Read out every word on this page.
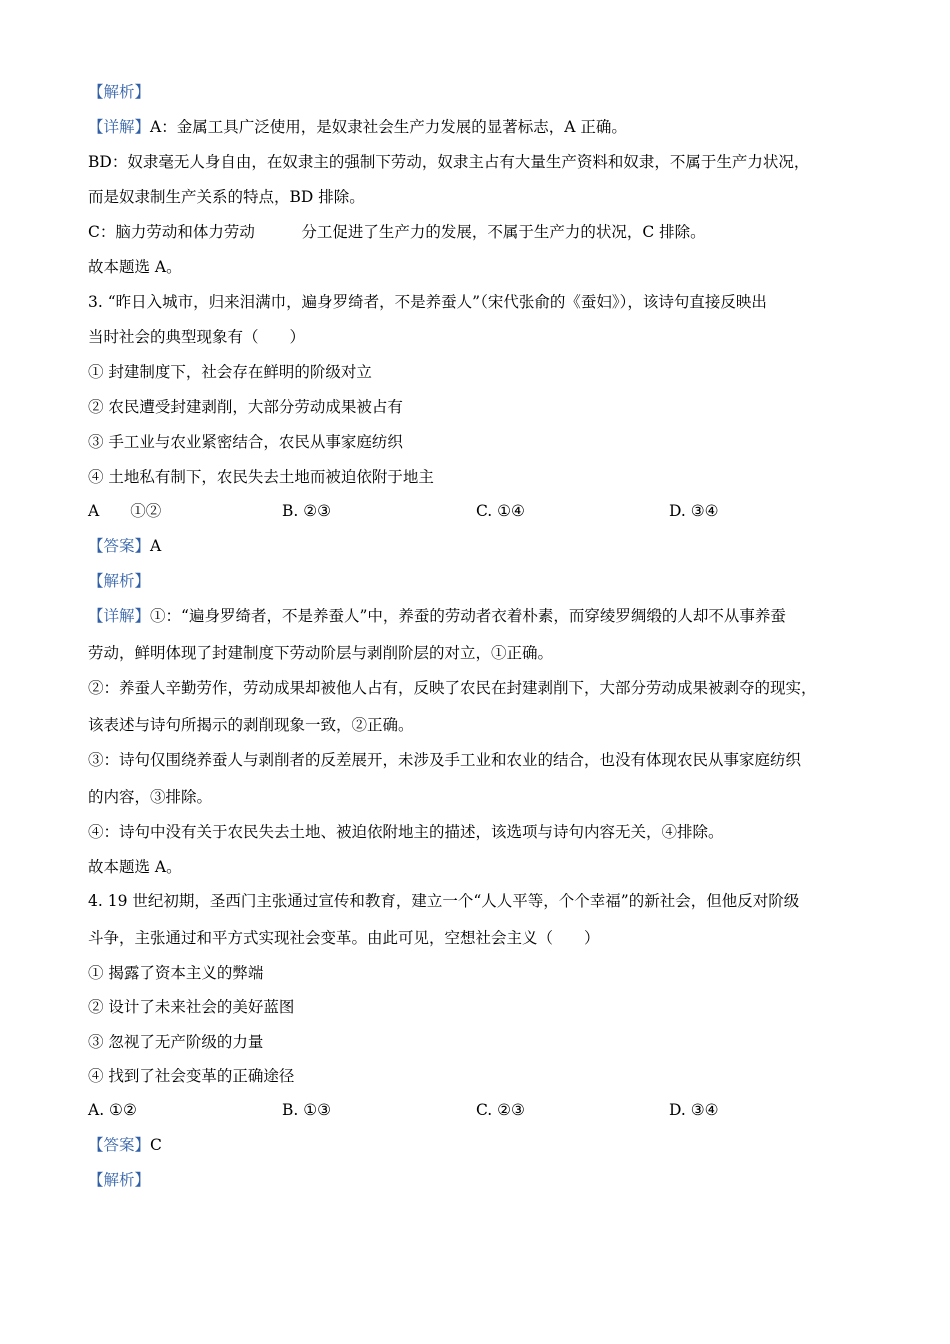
【解析】
【详解】A：金属工具广泛使用，是奴隶社会生产力发展的显著标志，A 正确。
BD：奴隶毫无人身自由，在奴隶主的强制下劳动，奴隶主占有大量生产资料和奴隶，不属于生产力状况，
而是奴隶制生产关系的特点，BD 排除。
C：脑力劳动和体力劳动　　　分工促进了生产力的发展，不属于生产力的状况，C 排除。
故本题选 A。
3. “昨日入城市，归来泪满巾，遍身罗绮者，不是养蚕人”（宋代张俞的《蚕妇》），该诗句直接反映出
当时社会的典型现象有（　　）
① 封建制度下，社会存在鲜明的阶级对立
② 农民遭受封建剥削，大部分劳动成果被占有
③ 手工业与农业紧密结合，农民从事家庭纺织
④ 土地私有制下，农民失去土地而被迫依附于地主
A　　①②	B. ②③	C. ①④	D. ③④
【答案】A
【解析】
【详解】①：“遍身罗绮者，不是养蚕人”中，养蚕的劳动者衣着朴素，而穿绫罗绸缎的人却不从事养蚕
劳动，鲜明体现了封建制度下劳动阶层与剥削阶层的对立，①正确。
②：养蚕人辛勤劳作，劳动成果却被他人占有，反映了农民在封建剥削下，大部分劳动成果被剥夺的现实，
该表述与诗句所揭示的剥削现象一致，②正确。
③：诗句仅围绕养蚕人与剥削者的反差展开，未涉及手工业和农业的结合，也没有体现农民从事家庭纺织
的内容，③排除。
④：诗句中没有关于农民失去土地、被迫依附地主的描述，该选项与诗句内容无关，④排除。
故本题选 A。
4. 19 世纪初期，圣西门主张通过宣传和教育，建立一个“人人平等，个个幸福”的新社会，但他反对阶级
斗争，主张通过和平方式实现社会变革。由此可见，空想社会主义（　　）
① 揭露了资本主义的弊端
② 设计了未来社会的美好蓝图
③ 忽视了无产阶级的力量
④ 找到了社会变革的正确途径
A. ①②	B. ①③	C. ②③	D. ③④
【答案】C
【解析】
